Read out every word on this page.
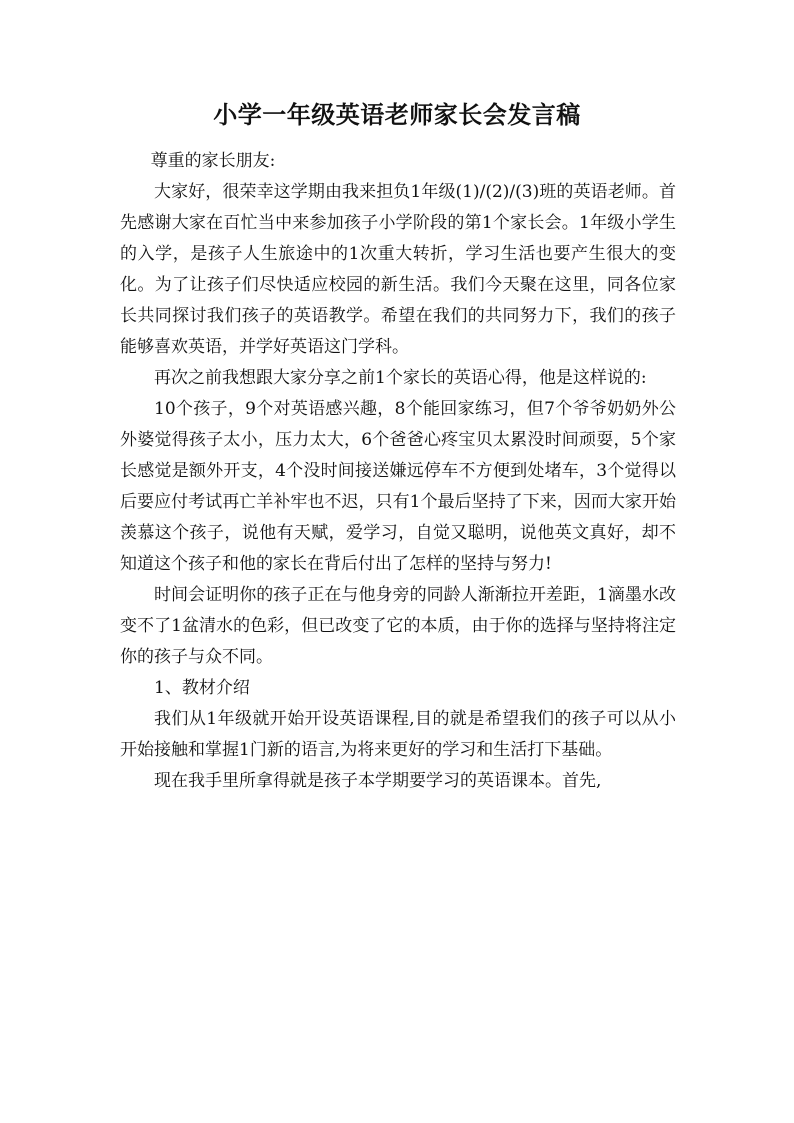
小学一年级英语老师家长会发言稿

尊重的家长朋友:

大家好，很荣幸这学期由我来担负1年级(1)/(2)/(3)班的英语老师。首先感谢大家在百忙当中来参加孩子小学阶段的第1个家长会。1年级小学生的入学，是孩子人生旅途中的1次重大转折，学习生活也要产生很大的变化。为了让孩子们尽快适应校园的新生活。我们今天聚在这里，同各位家长共同探讨我们孩子的英语教学。希望在我们的共同努力下，我们的孩子能够喜欢英语，并学好英语这门学科。

再次之前我想跟大家分享之前1个家长的英语心得，他是这样说的:

10个孩子，9个对英语感兴趣，8个能回家练习，但7个爷爷奶奶外公外婆觉得孩子太小，压力太大，6个爸爸心疼宝贝太累没时间顽耍，5个家长感觉是额外开支，4个没时间接送嫌远停车不方便到处堵车，3个觉得以后要应付考试再亡羊补牢也不迟，只有1个最后坚持了下来，因而大家开始羡慕这个孩子，说他有天赋，爱学习，自觉又聪明，说他英文真好，却不知道这个孩子和他的家长在背后付出了怎样的坚持与努力!

时间会证明你的孩子正在与他身旁的同龄人渐渐拉开差距，1滴墨水改变不了1盆清水的色彩，但已改变了它的本质，由于你的选择与坚持将注定你的孩子与众不同。

1、教材介绍

我们从1年级就开始开设英语课程,目的就是希望我们的孩子可以从小开始接触和掌握1门新的语言,为将来更好的学习和生活打下基础。

现在我手里所拿得就是孩子本学期要学习的英语课本。首先,
